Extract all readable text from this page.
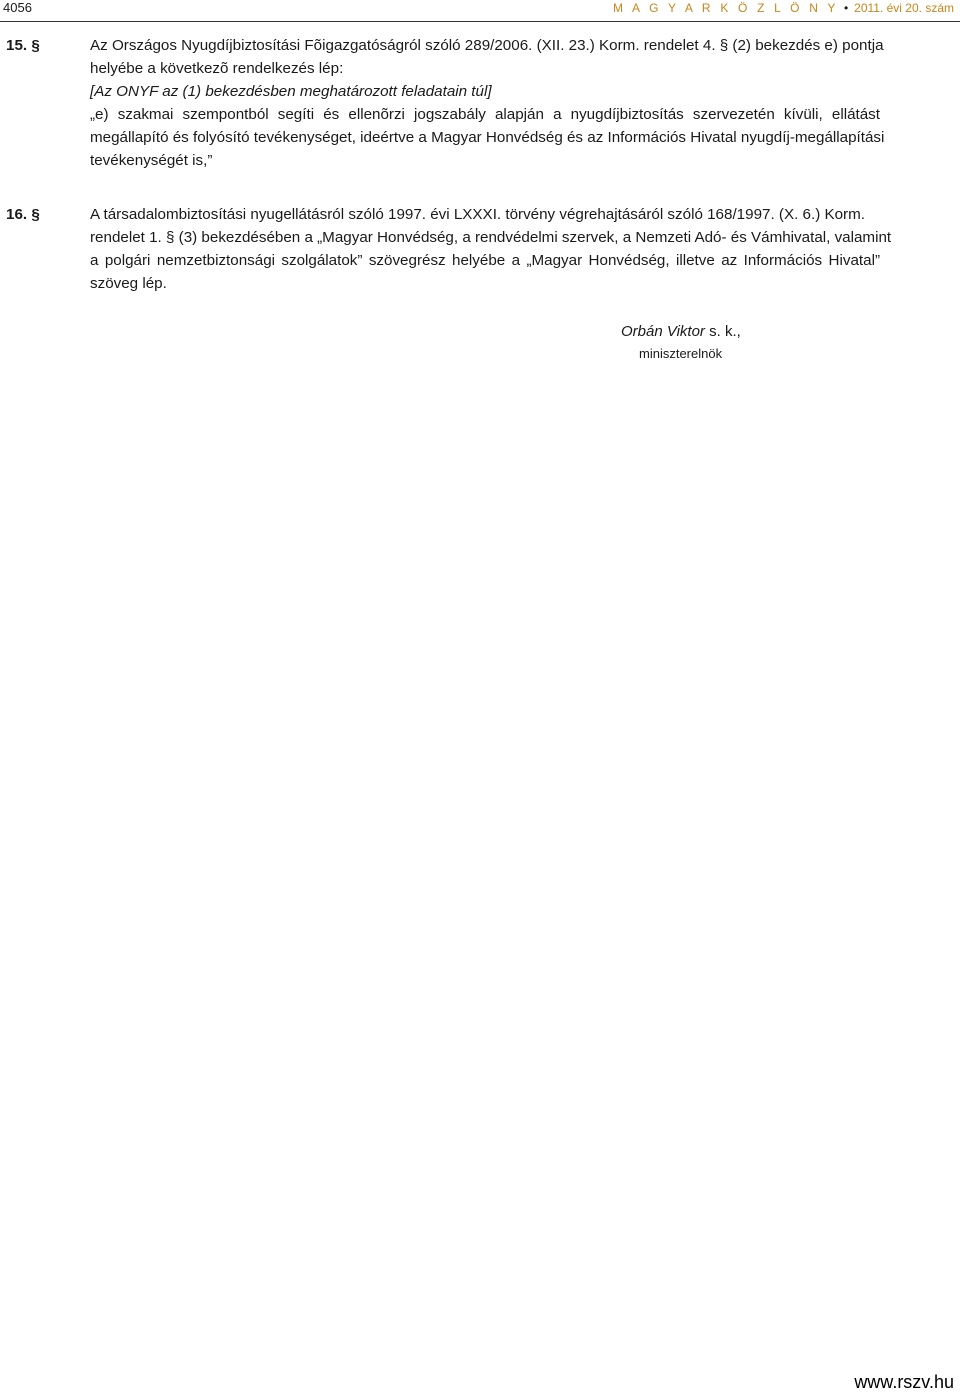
4056	M A G Y A R K Ö Z L Ö N Y • 2011. évi 20. szám
15. §	Az Országos Nyugdíjbiztosítási Fõigazgatóságról szóló 289/2006. (XII. 23.) Korm. rendelet 4. § (2) bekezdés e) pontja
helyébe a következõ rendelkezés lép:
[Az ONYF az (1) bekezdésben meghatározott feladatain túl]
„e) szakmai szempontból segíti és ellenõrzi jogszabály alapján a nyugdíjbiztosítás szervezetén kívüli, ellátást
megállapító és folyósító tevékenységet, ideértve a Magyar Honvédség és az Információs Hivatal nyugdíj-megállapítási
tevékenységét is,”
16. §	A társadalombiztosítási nyugellátásról szóló 1997. évi LXXXI. törvény végrehajtásáról szóló 168/1997. (X. 6.) Korm.
rendelet 1. § (3) bekezdésében a „Magyar Honvédség, a rendvédelmi szervek, a Nemzeti Adó- és Vámhivatal, valamint
a polgári nemzetbiztonsági szolgálatok” szövegrész helyébe a „Magyar Honvédség, illetve az Információs Hivatal”
szöveg lép.
Orbán Viktor s. k.,
miniszterelnök
www.rszv.hu
